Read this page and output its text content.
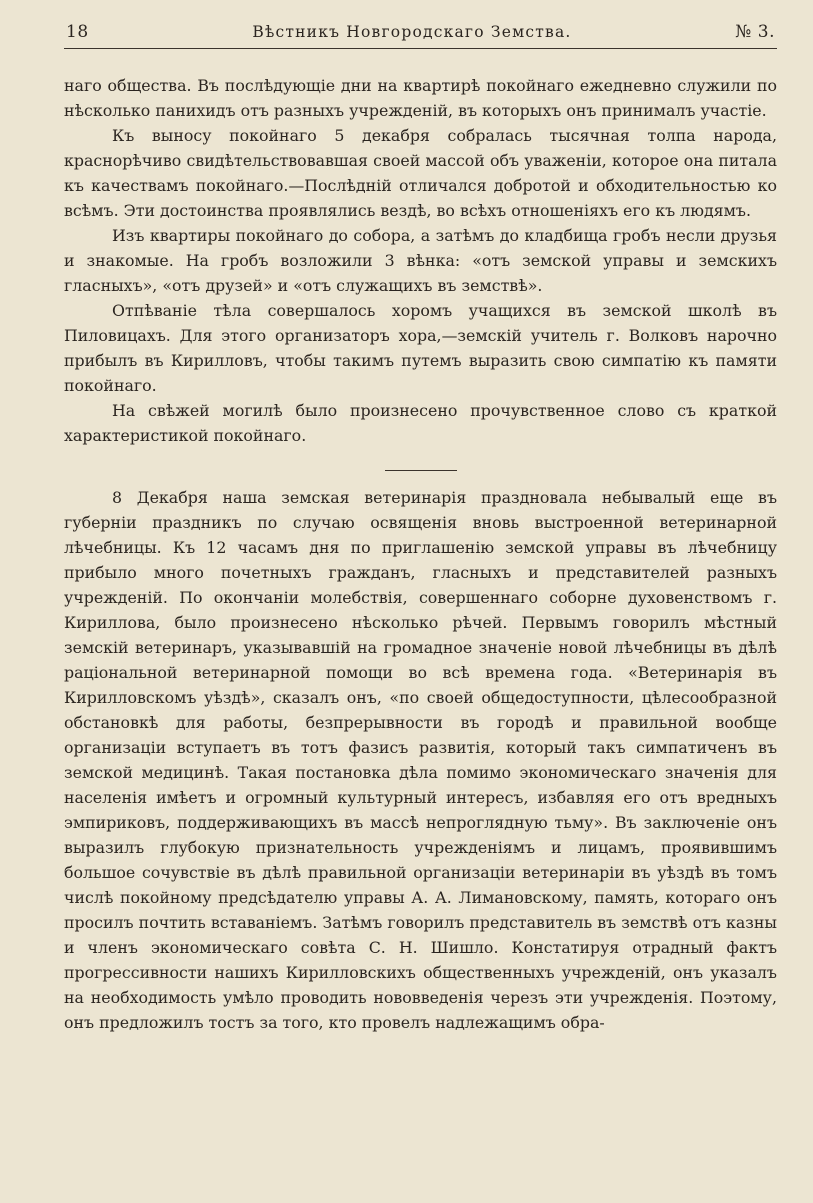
18	Вѣстникъ Новгородскаго Земства.	№ 3.

наго общества. Въ послѣдующіе дни на квартирѣ покойнаго ежедневно служили по нѣсколько панихидъ отъ разныхъ учрежденій, въ которыхъ онъ принималъ участіе.

Къ выносу покойнаго 5 декабря собралась тысячная толпа народа, краснорѣчиво свидѣтельствовавшая своей массой объ уваженіи, которое она питала къ качествамъ покойнаго.—Послѣдній отличался добротой и обходительностью ко всѣмъ. Эти достоинства проявлялись вездѣ, во всѣхъ отношеніяхъ его къ людямъ.

Изъ квартиры покойнаго до собора, а затѣмъ до кладбища гробъ несли друзья и знакомые. На гробъ возложили 3 вѣнка: «отъ земской управы и земскихъ гласныхъ», «отъ друзей» и «отъ служащихъ въ земствѣ».

Отпѣваніе тѣла совершалось хоромъ учащихся въ земской школѣ въ Пиловицахъ. Для этого организаторъ хора,—земскій учитель г. Волковъ нарочно прибылъ въ Кирилловъ, чтобы такимъ путемъ выразить свою симпатію къ памяти покойнаго.

На свѣжей могилѣ было произнесено прочувственное слово съ краткой характеристикой покойнаго.

8 Декабря наша земская ветеринарія праздновала небывалый еще въ губерніи праздникъ по случаю освященія вновь выстроенной ветеринарной лѣчебницы. Къ 12 часамъ дня по приглашенію земской управы въ лѣчебницу прибыло много почетныхъ гражданъ, гласныхъ и представителей разныхъ учрежденій. По окончаніи молебствія, совершеннаго соборне духовенствомъ г. Кириллова, было произнесено нѣсколько рѣчей. Первымъ говорилъ мѣстный земскій ветеринаръ, указывавшій на громадное значеніе новой лѣчебницы въ дѣлѣ раціональной ветеринарной помощи во всѣ времена года. «Ветеринарія въ Кирилловскомъ уѣздѣ», сказалъ онъ, «по своей общедоступности, цѣлесообразной обстановкѣ для работы, безпрерывности въ городѣ и правильной вообще организаціи вступаетъ въ тотъ фазисъ развитія, который такъ симпатиченъ въ земской медицинѣ. Такая постановка дѣла помимо экономическаго значенія для населенія имѣетъ и огромный культурный интересъ, избавляя его отъ вредныхъ эмпириковъ, поддерживающихъ въ массѣ непроглядную тьму». Въ заключеніе онъ выразилъ глубокую признательность учрежденіямъ и лицамъ, проявившимъ большое сочувствіе въ дѣлѣ правильной организаціи ветеринаріи въ уѣздѣ въ томъ числѣ покойному предсѣдателю управы А. А. Лимановскому, память, котораго онъ просилъ почтить вставаніемъ. Затѣмъ говорилъ представитель въ земствѣ отъ казны и членъ экономическаго совѣта С. Н. Шишло. Констатируя отрадный фактъ прогрессивности нашихъ Кирилловскихъ общественныхъ учрежденій, онъ указалъ на необходимость умѣло проводить нововведенія черезъ эти учрежденія. Поэтому, онъ предложилъ тостъ за того, кто провелъ надлежащимъ обра-
